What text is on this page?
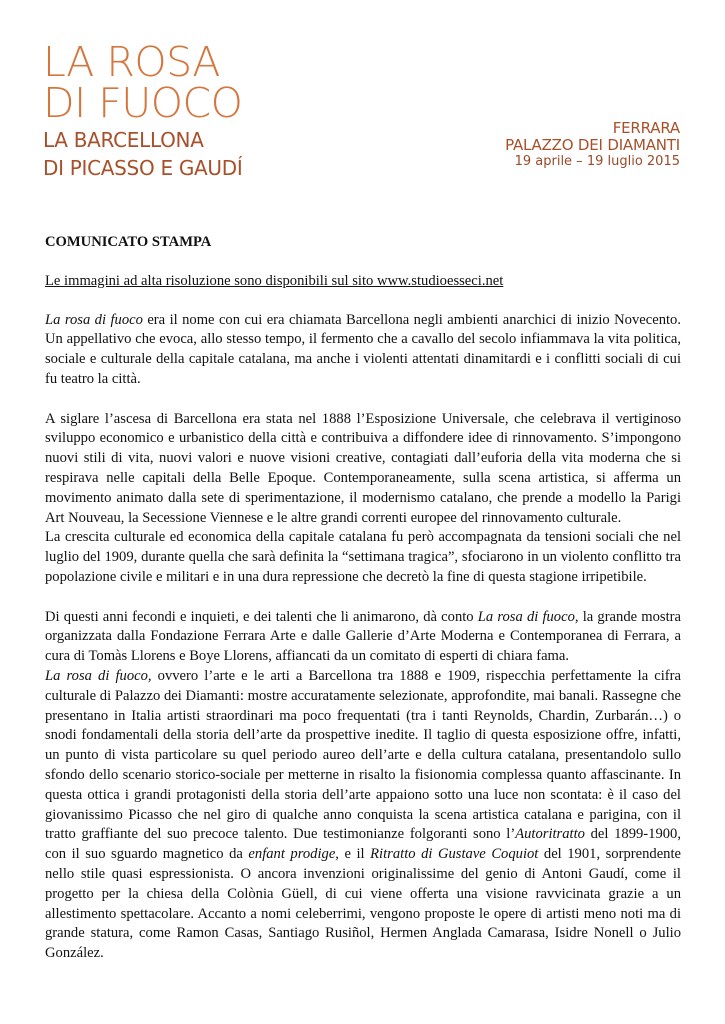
LA ROSA
DI FUOCO
LA BARCELLONA
DI PICASSO E GAUDÍ
FERRARA
PALAZZO DEI DIAMANTI
19 aprile – 19 luglio 2015
COMUNICATO STAMPA
Le immagini ad alta risoluzione sono disponibili sul sito www.studioesseci.net

La rosa di fuoco era il nome con cui era chiamata Barcellona negli ambienti anarchici di inizio Novecento. Un appellativo che evoca, allo stesso tempo, il fermento che a cavallo del secolo infiammava la vita politica, sociale e culturale della capitale catalana, ma anche i violenti attentati dinamitardi e i conflitti sociali di cui fu teatro la città.

A siglare l’ascesa di Barcellona era stata nel 1888 l’Esposizione Universale, che celebrava il vertiginoso sviluppo economico e urbanistico della città e contribuiva a diffondere idee di rinnovamento. S’impongono nuovi stili di vita, nuovi valori e nuove visioni creative, contagiati dall’euforia della vita moderna che si respirava nelle capitali della Belle Epoque. Contemporaneamente, sulla scena artistica, si afferma un movimento animato dalla sete di sperimentazione, il modernismo catalano, che prende a modello la Parigi Art Nouveau, la Secessione Viennese e le altre grandi correnti europee del rinnovamento culturale.

La crescita culturale ed economica della capitale catalana fu però accompagnata da tensioni sociali che nel luglio del 1909, durante quella che sarà definita la “settimana tragica”, sfociarono in un violento conflitto tra popolazione civile e militari e in una dura repressione che decretò la fine di questa stagione irripetibile.

Di questi anni fecondi e inquieti, e dei talenti che li animarono, dà conto La rosa di fuoco, la grande mostra organizzata dalla Fondazione Ferrara Arte e dalle Gallerie d’Arte Moderna e Contemporanea di Ferrara, a cura di Tomàs Llorens e Boye Llorens, affiancati da un comitato di esperti di chiara fama.

La rosa di fuoco, ovvero l’arte e le arti a Barcellona tra 1888 e 1909, rispecchia perfettamente la cifra culturale di Palazzo dei Diamanti: mostre accuratamente selezionate, approfondite, mai banali. Rassegne che presentano in Italia artisti straordinari ma poco frequentati (tra i tanti Reynolds, Chardin, Zurbarán…) o snodi fondamentali della storia dell’arte da prospettive inedite. Il taglio di questa esposizione offre, infatti, un punto di vista particolare su quel periodo aureo dell’arte e della cultura catalana, presentandolo sullo sfondo dello scenario storico-sociale per metterne in risalto la fisionomia complessa quanto affascinante. In questa ottica i grandi protagonisti della storia dell’arte appaiono sotto una luce non scontata: è il caso del giovanissimo Picasso che nel giro di qualche anno conquista la scena artistica catalana e parigina, con il tratto graffiante del suo precoce talento. Due testimonianze folgoranti sono l’Autoritratto del 1899-1900, con il suo sguardo magnetico da enfant prodige, e il Ritratto di Gustave Coquiot del 1901, sorprendente nello stile quasi espressionista. O ancora invenzioni originalissime del genio di Antoni Gaudí, come il progetto per la chiesa della Colònia Güell, di cui viene offerta una visione ravvicinata grazie a un allestimento spettacolare. Accanto a nomi celeberrimi, vengono proposte le opere di artisti meno noti ma di grande statura, come Ramon Casas, Santiago Rusiñol, Hermen Anglada Camarasa, Isidre Nonell o Julio González.
